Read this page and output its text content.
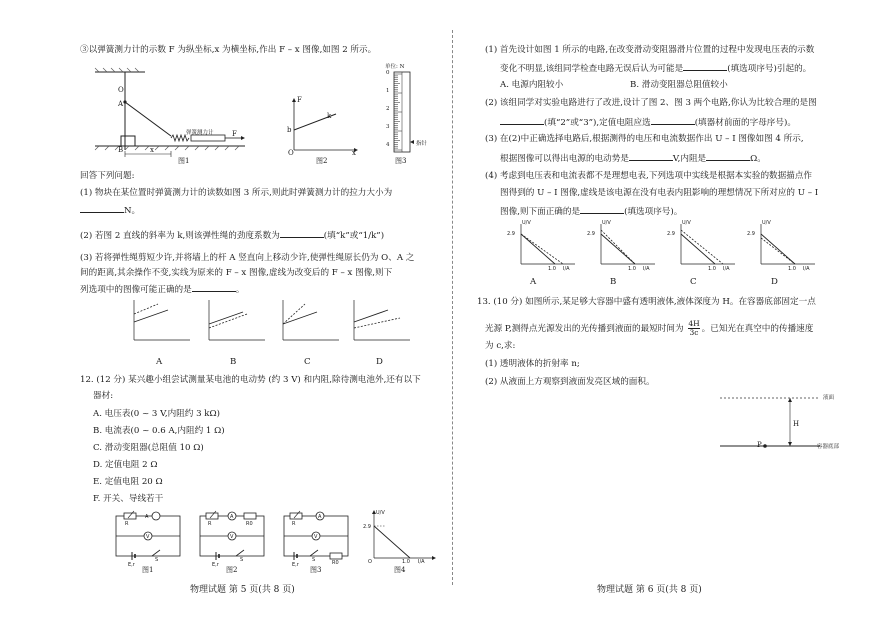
③以弹簧测力计的示数 F 为纵坐标,x 为横坐标,作出 F – x 图像,如图 2 所示。
O
A
B	x
弹簧测力计	F
图1
F
k
b
O	x
图2
单位: N
0
1
2
3
4	指针
图3
回答下列问题:
(1) 物块在某位置时弹簧测力计的读数如图 3 所示,则此时弹簧测力计的拉力大小为
N。
(2) 若图 2 直线的斜率为 k,则该弹性绳的劲度系数为	(填“k”或“1/k”)
(3) 若将弹性绳剪短少许,并将墙上的杆 A 竖直向上移动少许,使弹性绳原长仍为 O、A 之
间的距离,其余操作不变,实线为原来的 F – x 图像,虚线为改变后的 F – x 图像,则下
列选项中的图像可能正确的是	。
A	B	C	D
12. (12 分) 某兴趣小组尝试测量某电池的电动势 (约 3 V) 和内阻,除待测电池外,还有以下
器材:
A. 电压表(0 ~ 3 V,内阻约 3 kΩ)
B. 电流表(0 ~ 0.6 A,内阻约 1 Ω)
C. 滑动变阻器(总阻值 10 Ω)
D. 定值电阻 2 Ω
E. 定值电阻 20 Ω
F. 开关、导线若干
A
V
R
E,r
S
图1
A
V
R	R0
E,r
S
图2
A
V
R
E,r
S	R0
图3
U/V
2.9
O	1.0 I/A
图4
物理试题 第 5 页(共 8 页)
(1) 首先设计如图 1 所示的电路,在改变滑动变阻器滑片位置的过程中发现电压表的示数
变化不明显,该组同学检查电路无误后认为可能是	(填选项序号)引起的。
A. 电源内阻较小	B. 滑动变阻器总阻值较小
(2) 该组同学对实验电路进行了改进,设计了图 2、图 3 两个电路,你认为比较合理的是图
(填“2”或“3”),定值电阻应选	(填器材前面的字母序号)。
(3) 在(2)中正确选择电路后,根据测得的电压和电流数据作出 U – I 图像如图 4 所示,
根据图像可以得出电源的电动势是	V,内阻是	Ω。
(4) 考虑到电压表和电流表都不是理想电表,下列选项中实线是根据本实验的数据描点作
图得到的 U – I 图像,虚线是该电源在没有电表内阻影响的理想情况下所对应的 U – I
图像,则下面正确的是	(填选项序号)。
U/V
2.9
1.0 I/A
U/V
2.9
1.0 I/A
U/V
2.9
1.0 I/A
U/V
2.9
1.0 I/A
A	B	C	D
13. (10 分) 如图所示,某足够大容器中盛有透明液体,液体深度为 H。在容器底部固定一点
光源 P,测得点光源发出的光传播到液面的最短时间为 $\frac{4H}{3c}$ 。已知光在真空中的传播速度
为 c,求:
(1) 透明液体的折射率 n;
(2) 从液面上方观察到液面发亮区域的面积。
液面
H
P	容器底部
物理试题 第 6 页(共 8 页)
